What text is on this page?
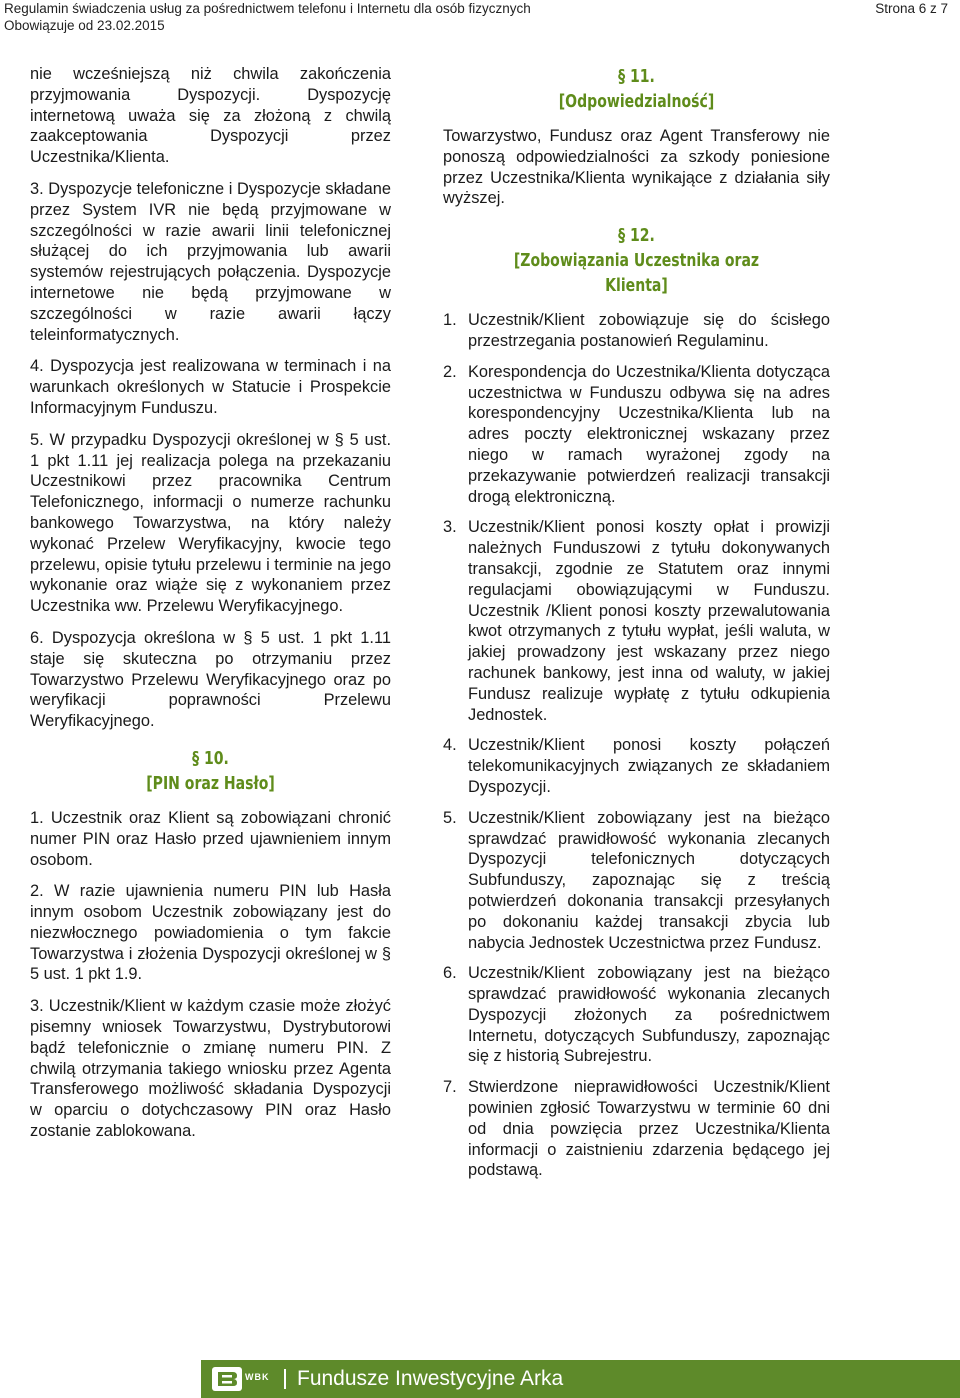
Regulamin świadczenia usług za pośrednictwem telefonu i Internetu dla osób fizycznych
Obowiązuje od 23.02.2015
Strona 6 z 7
nie wcześniejszą niż chwila zakończenia przyjmowania Dyspozycji. Dyspozycję internetową uważa się za złożoną z chwilą zaakceptowania Dyspozycji przez Uczestnika/Klienta.
3. Dyspozycje telefoniczne i Dyspozycje składane przez System IVR nie będą przyjmowane w szczególności w razie awarii linii telefonicznej służącej do ich przyjmowania lub awarii systemów rejestrujących połączenia. Dyspozycje internetowe nie będą przyjmowane w szczególności w razie awarii łączy teleinformatycznych.
4. Dyspozycja jest realizowana w terminach i na warunkach określonych w Statucie i Prospekcie Informacyjnym Funduszu.
5. W przypadku Dyspozycji określonej w § 5 ust. 1 pkt 1.11 jej realizacja polega na przekazaniu Uczestnikowi przez pracownika Centrum Telefonicznego, informacji o numerze rachunku bankowego Towarzystwa, na który należy wykonać Przelew Weryfikacyjny, kwocie tego przelewu, opisie tytułu przelewu i terminie na jego wykonanie oraz wiąże się z wykonaniem przez Uczestnika ww. Przelewu Weryfikacyjnego.
6. Dyspozycja określona w § 5 ust. 1 pkt 1.11 staje się skuteczna po otrzymaniu przez Towarzystwo Przelewu Weryfikacyjnego oraz po weryfikacji poprawności Przelewu Weryfikacyjnego.
§ 10.
[PIN oraz Hasło]
1. Uczestnik oraz Klient są zobowiązani chronić numer PIN oraz Hasło przed ujawnieniem innym osobom.
2. W razie ujawnienia numeru PIN lub Hasła innym osobom Uczestnik zobowiązany jest do niezwłocznego powiadomienia o tym fakcie Towarzystwa i złożenia Dyspozycji określonej w § 5 ust. 1 pkt 1.9.
3. Uczestnik/Klient w każdym czasie może złożyć pisemny wniosek Towarzystwu, Dystrybutorowi bądź telefonicznie o zmianę numeru PIN. Z chwilą otrzymania takiego wniosku przez Agenta Transferowego możliwość składania Dyspozycji w oparciu o dotychczasowy PIN oraz Hasło zostanie zablokowana.
§ 11.
[Odpowiedzialność]
Towarzystwo, Fundusz oraz Agent Transferowy nie ponoszą odpowiedzialności za szkody poniesione przez Uczestnika/Klienta wynikające z działania siły wyższej.
§ 12.
[Zobowiązania Uczestnika oraz Klienta]
1. Uczestnik/Klient zobowiązuje się do ścisłego przestrzegania postanowień Regulaminu.
2. Korespondencja do Uczestnika/Klienta dotycząca uczestnictwa w Funduszu odbywa się na adres korespondencyjny Uczestnika/Klienta lub na adres poczty elektronicznej wskazany przez niego w ramach wyrażonej zgody na przekazywanie potwierdzeń realizacji transakcji drogą elektroniczną.
3. Uczestnik/Klient ponosi koszty opłat i prowizji należnych Funduszowi z tytułu dokonywanych transakcji, zgodnie ze Statutem oraz innymi regulacjami obowiązującymi w Funduszu. Uczestnik /Klient ponosi koszty przewalutowania kwot otrzymanych z tytułu wypłat, jeśli waluta, w jakiej prowadzony jest wskazany przez niego rachunek bankowy, jest inna od waluty, w jakiej Fundusz realizuje wypłatę z tytułu odkupienia Jednostek.
4. Uczestnik/Klient ponosi koszty połączeń telekomunikacyjnych związanych ze składaniem Dyspozycji.
5. Uczestnik/Klient zobowiązany jest na bieżąco sprawdzać prawidłowość wykonania zlecanych Dyspozycji telefonicznych dotyczących Subfunduszy, zapoznając się z treścią potwierdzeń dokonania transakcji przesyłanych po dokonaniu każdej transakcji zbycia lub nabycia Jednostek Uczestnictwa przez Fundusz.
6. Uczestnik/Klient zobowiązany jest na bieżąco sprawdzać prawidłowość wykonania zlecanych Dyspozycji złożonych za pośrednictwem Internetu, dotyczących Subfunduszy, zapoznając się z historią Subrejestru.
7. Stwierdzone nieprawidłowości Uczestnik/Klient powinien zgłosić Towarzystwu w terminie 60 dni od dnia powzięcia przez Uczestnika/Klienta informacji o zaistnieniu zdarzenia będącego jej podstawą.
WBK Fundusze Inwestycyjne Arka
